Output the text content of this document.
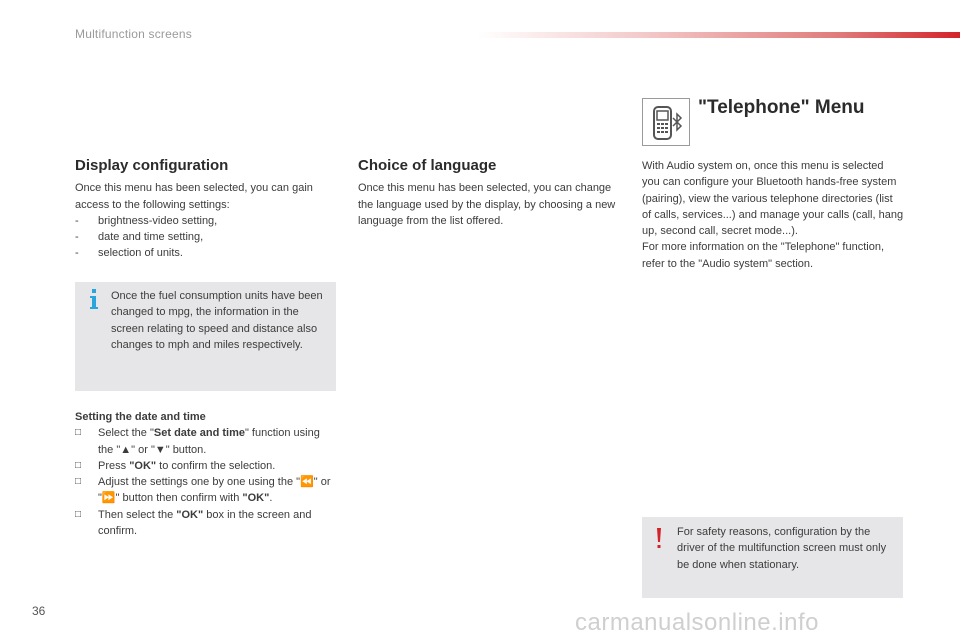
Multifunction screens
Display configuration

Once this menu has been selected, you can gain access to the following settings:

-	brightness-video setting,
-	date and time setting,
-	selection of units.
Once the fuel consumption units have been changed to mpg, the information in the screen relating to speed and distance also changes to mph and miles respectively.
Setting the date and time
□	Select the "Set date and time" function using the "▲" or "▼" button.
□	Press "OK" to confirm the selection.
□	Adjust the settings one by one using the "⏪" or "⏩" button then confirm with "OK".
□	Then select the "OK" box in the screen and confirm.
Choice of language

Once this menu has been selected, you can change the language used by the display, by choosing a new language from the list offered.

"Telephone" Menu

With Audio system on, once this menu is selected you can configure your Bluetooth hands-free system (pairing), view the various telephone directories (list of calls, services...) and manage your calls (call, hang up, second call, secret mode...).

For more information on the "Telephone" function, refer to the "Audio system" section.

For safety reasons, configuration by the driver of the multifunction screen must only be done when stationary.
36	carmanualsonline.info
